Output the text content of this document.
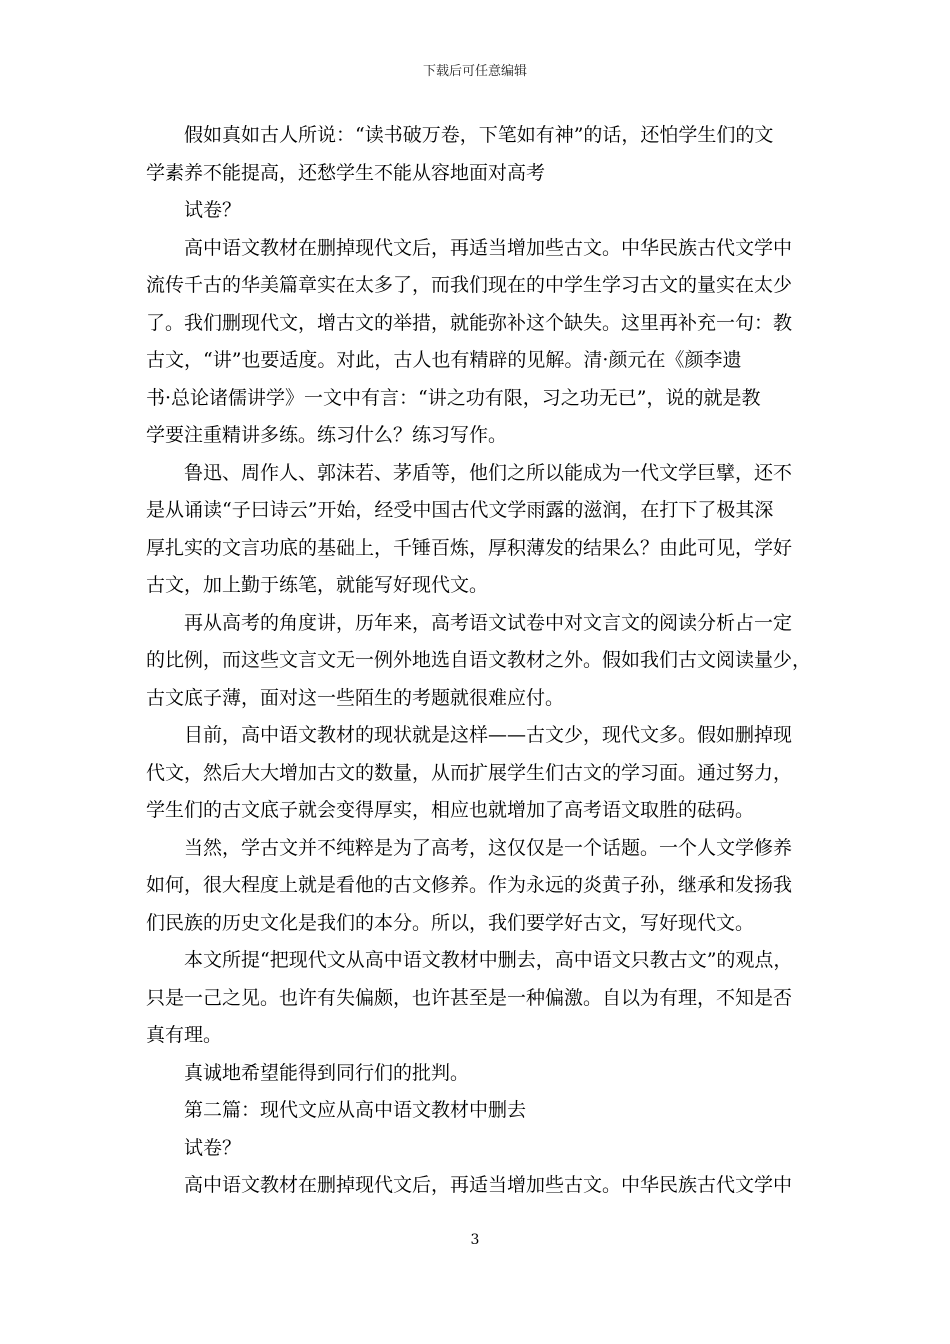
下载后可任意编辑
假如真如古人所说：“读书破万卷，下笔如有神”的话，还怕学生们的文
学素养不能提高，还愁学生不能从容地面对高考
试卷？
高中语文教材在删掉现代文后，再适当增加些古文。中华民族古代文学中
流传千古的华美篇章实在太多了，而我们现在的中学生学习古文的量实在太少
了。我们删现代文，增古文的举措，就能弥补这个缺失。这里再补充一句：教
古文，“讲”也要适度。对此，古人也有精辟的见解。清·颜元在《颜李遗
书·总论诸儒讲学》一文中有言：“讲之功有限，习之功无已”，说的就是教
学要注重精讲多练。练习什么？练习写作。
鲁迅、周作人、郭沫若、茅盾等，他们之所以能成为一代文学巨擘，还不
是从诵读“子曰诗云”开始，经受中国古代文学雨露的滋润，在打下了极其深
厚扎实的文言功底的基础上，千锤百炼，厚积薄发的结果么？由此可见，学好
古文，加上勤于练笔，就能写好现代文。
再从高考的角度讲，历年来，高考语文试卷中对文言文的阅读分析占一定
的比例，而这些文言文无一例外地选自语文教材之外。假如我们古文阅读量少，
古文底子薄，面对这一些陌生的考题就很难应付。
目前，高中语文教材的现状就是这样——古文少，现代文多。假如删掉现
代文，然后大大增加古文的数量，从而扩展学生们古文的学习面。通过努力，
学生们的古文底子就会变得厚实，相应也就增加了高考语文取胜的砝码。
当然，学古文并不纯粹是为了高考，这仅仅是一个话题。一个人文学修养
如何，很大程度上就是看他的古文修养。作为永远的炎黄子孙，继承和发扬我
们民族的历史文化是我们的本分。所以，我们要学好古文，写好现代文。
本文所提“把现代文从高中语文教材中删去，高中语文只教古文”的观点，
只是一己之见。也许有失偏颇，也许甚至是一种偏激。自以为有理，不知是否
真有理。
真诚地希望能得到同行们的批判。
第二篇：现代文应从高中语文教材中删去
试卷？
高中语文教材在删掉现代文后，再适当增加些古文。中华民族古代文学中
3
